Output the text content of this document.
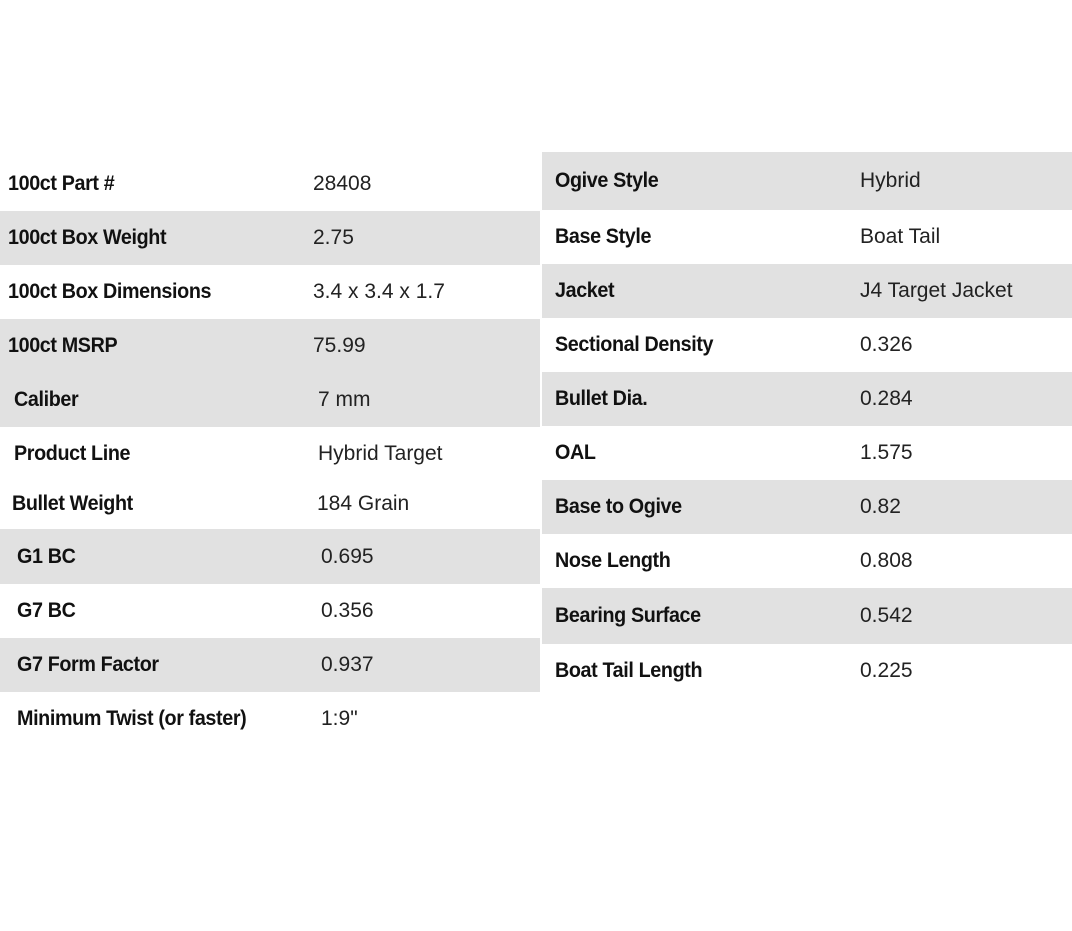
100ct Part #	28408
100ct Box Weight	2.75
100ct Box Dimensions	3.4 x 3.4 x 1.7
100ct MSRP	75.99
Caliber	7 mm
Product Line	Hybrid Target
Bullet Weight	184 Grain
G1 BC	0.695
G7 BC	0.356
G7 Form Factor	0.937
Minimum Twist (or faster)	1:9"
Ogive Style	Hybrid
Base Style	Boat Tail
Jacket	J4 Target Jacket
Sectional Density	0.326
Bullet Dia.	0.284
OAL	1.575
Base to Ogive	0.82
Nose Length	0.808
Bearing Surface	0.542
Boat Tail Length	0.225
